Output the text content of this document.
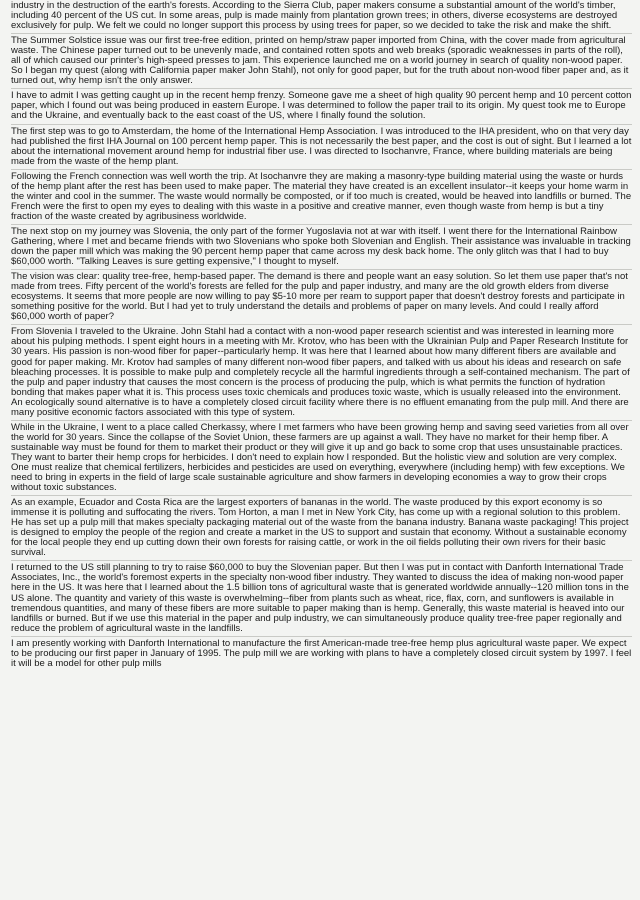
industry in the destruction of the earth's forests. According to the Sierra Club, paper makers consume a substantial amount of the world's timber, including 40 percent of the US cut. In some areas, pulp is made mainly from plantation grown trees; in others, diverse ecosystems are destroyed exclusively for pulp. We felt we could no longer support this process by using trees for paper, so we decided to take the risk and make the shift.

The Summer Solstice issue was our first tree-free edition, printed on hemp/straw paper imported from China, with the cover made from agricultural waste. The Chinese paper turned out to be unevenly made, and contained rotten spots and web breaks (sporadic weaknesses in parts of the roll), all of which caused our printer's high-speed presses to jam. This experience launched me on a world journey in search of quality non-wood paper. So I began my quest (along with California paper maker John Stahl), not only for good paper, but for the truth about non-wood fiber paper and, as it turned out, why hemp isn't the only answer.

I have to admit I was getting caught up in the recent hemp frenzy. Someone gave me a sheet of high quality 90 percent hemp and 10 percent cotton paper, which I found out was being produced in eastern Europe. I was determined to follow the paper trail to its origin. My quest took me to Europe and the Ukraine, and eventually back to the east coast of the US, where I finally found the solution.

The first step was to go to Amsterdam, the home of the International Hemp Association. I was introduced to the IHA president, who on that very day had published the first IHA Journal on 100 percent hemp paper. This is not necessarily the best paper, and the cost is out of sight. But I learned a lot about the international movement around hemp for industrial fiber use. I was directed to Isochanvre, France, where building materials are being made from the waste of the hemp plant.

Following the French connection was well worth the trip. At Isochanvre they are making a masonry-type building material using the waste or hurds of the hemp plant after the rest has been used to make paper. The material they have created is an excellent insulator--it keeps your home warm in the winter and cool in the summer. The waste would normally be composted, or if too much is created, would be heaved into landfills or burned. The French were the first to open my eyes to dealing with this waste in a positive and creative manner, even though waste from hemp is but a tiny fraction of the waste created by agribusiness worldwide.

The next stop on my journey was Slovenia, the only part of the former Yugoslavia not at war with itself. I went there for the International Rainbow Gathering, where I met and became friends with two Slovenians who spoke both Slovenian and English. Their assistance was invaluable in tracking down the paper mill which was making the 90 percent hemp paper that came across my desk back home. The only glitch was that I had to buy $60,000 worth. "Talking Leaves is sure getting expensive," I thought to myself.

The vision was clear: quality tree-free, hemp-based paper. The demand is there and people want an easy solution. So let them use paper that's not made from trees. Fifty percent of the world's forests are felled for the pulp and paper industry, and many are the old growth elders from diverse ecosystems. It seems that more people are now willing to pay $5-10 more per ream to support paper that doesn't destroy forests and participate in something positive for the world. But I had yet to truly understand the details and problems of paper on many levels. And could I really afford $60,000 worth of paper?

From Slovenia I traveled to the Ukraine. John Stahl had a contact with a non-wood paper research scientist and was interested in learning more about his pulping methods. I spent eight hours in a meeting with Mr. Krotov, who has been with the Ukrainian Pulp and Paper Research Institute for 30 years. His passion is non-wood fiber for paper--particularly hemp. It was here that I learned about how many different fibers are available and good for paper making. Mr. Krotov had samples of many different non-wood fiber papers, and talked with us about his ideas and research on safe bleaching processes. It is possible to make pulp and completely recycle all the harmful ingredients through a self-contained mechanism. The part of the pulp and paper industry that causes the most concern is the process of producing the pulp, which is what permits the function of hydration bonding that makes paper what it is. This process uses toxic chemicals and produces toxic waste, which is usually released into the environment. An ecologically sound alternative is to have a completely closed circuit facility where there is no effluent emanating from the pulp mill. And there are many positive economic factors associated with this type of system.

While in the Ukraine, I went to a place called Cherkassy, where I met farmers who have been growing hemp and saving seed varieties from all over the world for 30 years. Since the collapse of the Soviet Union, these farmers are up against a wall. They have no market for their hemp fiber. A sustainable way must be found for them to market their product or they will give it up and go back to some crop that uses unsustainable practices. They want to barter their hemp crops for herbicides. I don't need to explain how I responded. But the holistic view and solution are very complex. One must realize that chemical fertilizers, herbicides and pesticides are used on everything, everywhere (including hemp) with few exceptions. We need to bring in experts in the field of large scale sustainable agriculture and show farmers in developing economies a way to grow their crops without toxic substances.

As an example, Ecuador and Costa Rica are the largest exporters of bananas in the world. The waste produced by this export economy is so immense it is polluting and suffocating the rivers. Tom Horton, a man I met in New York City, has come up with a regional solution to this problem. He has set up a pulp mill that makes specialty packaging material out of the waste from the banana industry. Banana waste packaging! This project is designed to employ the people of the region and create a market in the US to support and sustain that economy. Without a sustainable economy for the local people they end up cutting down their own forests for raising cattle, or work in the oil fields polluting their own rivers for their basic survival.

I returned to the US still planning to try to raise $60,000 to buy the Slovenian paper. But then I was put in contact with Danforth International Trade Associates, Inc., the world's foremost experts in the specialty non-wood fiber industry. They wanted to discuss the idea of making non-wood paper here in the US. It was here that I learned about the 1.5 billion tons of agricultural waste that is generated worldwide annually--120 million tons in the US alone. The quantity and variety of this waste is overwhelming--fiber from plants such as wheat, rice, flax, corn, and sunflowers is available in tremendous quantities, and many of these fibers are more suitable to paper making than is hemp. Generally, this waste material is heaved into our landfills or burned. But if we use this material in the paper and pulp industry, we can simultaneously produce quality tree-free paper regionally and reduce the problem of agricultural waste in the landfills.

I am presently working with Danforth International to manufacture the first American-made tree-free hemp plus agricultural waste paper. We expect to be producing our first paper in January of 1995. The pulp mill we are working with plans to have a completely closed circuit system by 1997. I feel it will be a model for other pulp mills
